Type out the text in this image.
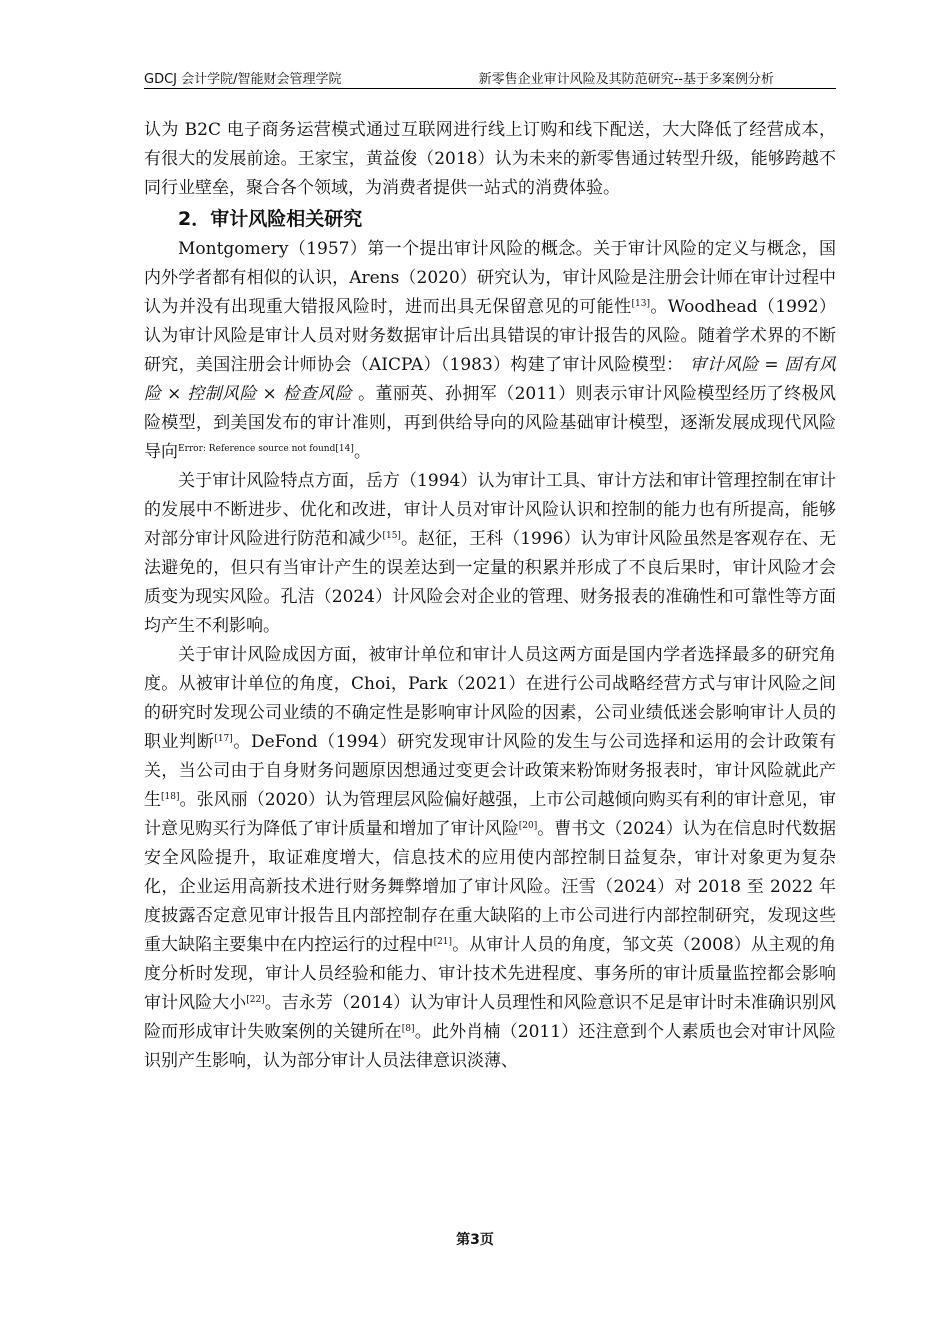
GDCJ 会计学院/智能财会管理学院	新零售企业审计风险及其防范研究--基于多案例分析

认为 B2C 电子商务运营模式通过互联网进行线上订购和线下配送，大大降低了经营成本，有很大的发展前途。王家宝，黄益俊（2018）认为未来的新零售通过转型升级，能够跨越不同行业壁垒，聚合各个领域，为消费者提供一站式的消费体验。

2．审计风险相关研究

Montgomery（1957）第一个提出审计风险的概念。关于审计风险的定义与概念，国内外学者都有相似的认识，Arens（2020）研究认为，审计风险是注册会计师在审计过程中认为并没有出现重大错报风险时，进而出具无保留意见的可能性[13]。Woodhead（1992）认为审计风险是审计人员对财务数据审计后出具错误的审计报告的风险。随着学术界的不断研究，美国注册会计师协会（AICPA）（1983）构建了审计风险模型： 审计风险 = 固有风险 × 控制风险 × 检查风险 。董丽英、孙拥军（2011）则表示审计风险模型经历了终极风险模型，到美国发布的审计准则，再到供给导向的风险基础审计模型，逐渐发展成现代风险导向$^{Error: Reference source not found[14]}$。

关于审计风险特点方面，岳方（1994）认为审计工具、审计方法和审计管理控制在审计的发展中不断进步、优化和改进，审计人员对审计风险认识和控制的能力也有所提高，能够对部分审计风险进行防范和减少[15]。赵征，王科（1996）认为审计风险虽然是客观存在、无法避免的，但只有当审计产生的误差达到一定量的积累并形成了不良后果时，审计风险才会质变为现实风险。孔洁（2024）计风险会对企业的管理、财务报表的准确性和可靠性等方面均产生不利影响。

关于审计风险成因方面，被审计单位和审计人员这两方面是国内学者选择最多的研究角度。从被审计单位的角度，Choi，Park（2021）在进行公司战略经营方式与审计风险之间的研究时发现公司业绩的不确定性是影响审计风险的因素，公司业绩低迷会影响审计人员的职业判断[17]。DeFond（1994）研究发现审计风险的发生与公司选择和运用的会计政策有关，当公司由于自身财务问题原因想通过变更会计政策来粉饰财务报表时，审计风险就此产生[18]。张风丽（2020）认为管理层风险偏好越强，上市公司越倾向购买有利的审计意见，审计意见购买行为降低了审计质量和增加了审计风险[20]。曹书文（2024）认为在信息时代数据安全风险提升，取证难度增大，信息技术的应用使内部控制日益复杂，审计对象更为复杂化，企业运用高新技术进行财务舞弊增加了审计风险。汪雪（2024）对 2018 至 2022 年度披露否定意见审计报告且内部控制存在重大缺陷的上市公司进行内部控制研究，发现这些重大缺陷主要集中在内控运行的过程中[21]。从审计人员的角度，邹文英（2008）从主观的角度分析时发现，审计人员经验和能力、审计技术先进程度、事务所的审计质量监控都会影响审计风险大小[22]。吉永芳（2014）认为审计人员理性和风险意识不足是审计时未准确识别风险而形成审计失败案例的关键所在[8]。此外肖楠（2011）还注意到个人素质也会对审计风险识别产生影响，认为部分审计人员法律意识淡薄、

第3页
